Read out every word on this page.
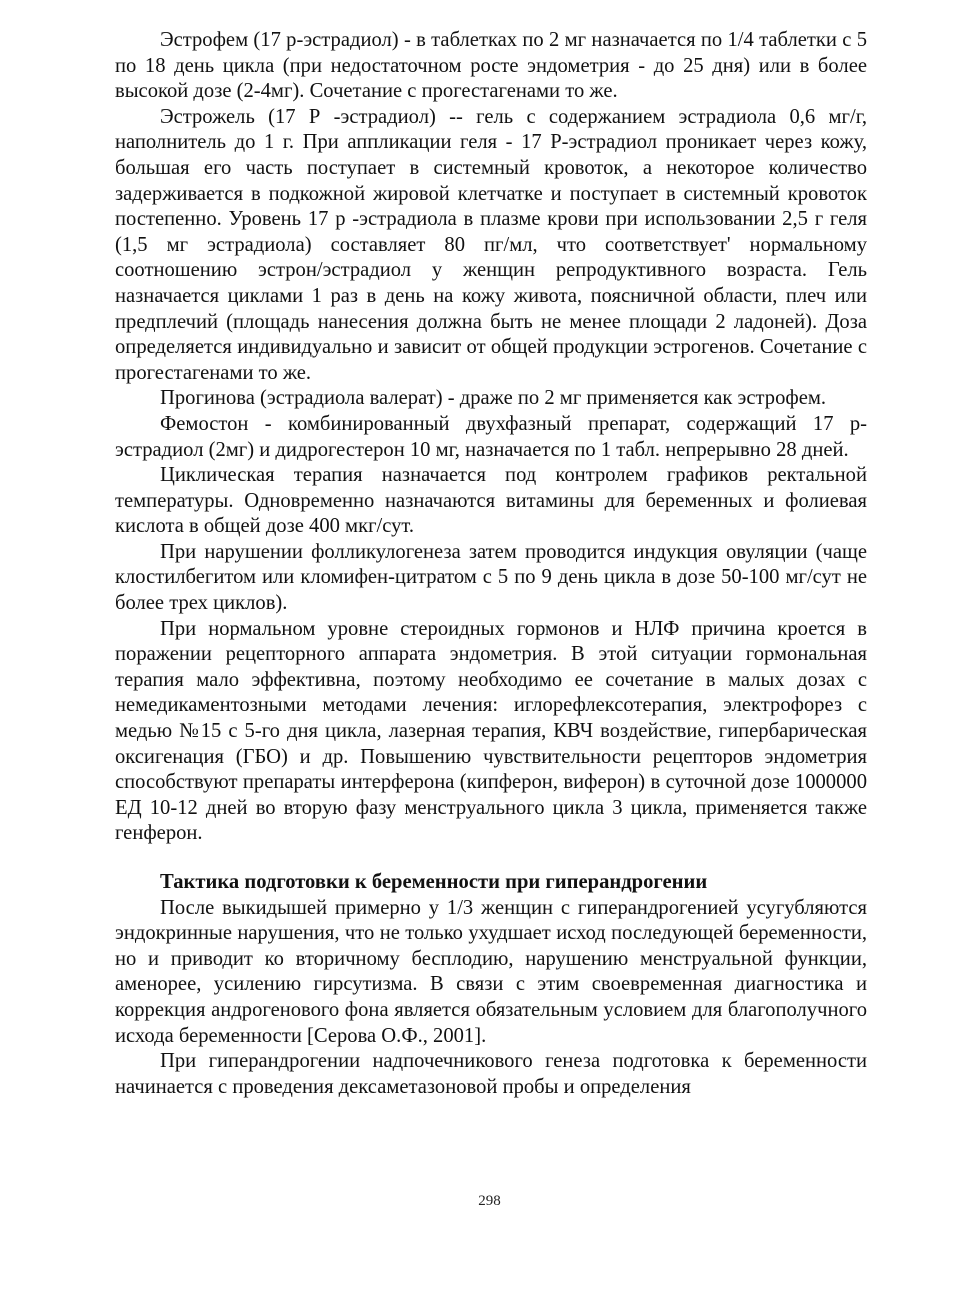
Эстрофем (17 р-эстрадиол) - в таблетках по 2 мг назначается по 1/4 таблетки с 5 по 18 день цикла (при недостаточном росте эндометрия - до 25 дня) или в более высокой дозе (2-4мг). Сочетание с прогестагенами то же.

Эстрожель (17 Р -эстрадиол) -- гель с содержанием эстрадиола 0,6 мг/г, наполнитель до 1 г. При аппликации геля - 17 Р-эстрадиол проникает через кожу, большая его часть поступает в системный кровоток, а некоторое количество задерживается в подкожной жировой клетчатке и поступает в системный кровоток постепенно. Уровень 17 р -эстрадиола в плазме крови при использовании 2,5 г геля (1,5 мг эстрадиола) составляет 80 пг/мл, что соответствует' нормальному соотношению эстрон/эстрадиол у женщин репродуктивного возраста. Гель назначается циклами 1 раз в день на кожу живота, поясничной области, плеч или предплечий (площадь нанесения должна быть не менее площади 2 ладоней). Доза определяется индивидуально и зависит от общей продукции эстрогенов. Сочетание с прогестагенами то же.

Прогинова (эстрадиола валерат) - драже по 2 мг применяется как эстрофем.

Фемостон - комбинированный двухфазный препарат, содержащий 17 р-эстрадиол (2мг) и дидрогестерон 10 мг, назначается по 1 табл. непрерывно 28 дней.

Циклическая терапия назначается под контролем графиков ректальной температуры. Одновременно назначаются витамины для беременных и фолиевая кислота в общей дозе 400 мкг/сут.

При нарушении фолликулогенеза затем проводится индукция овуляции (чаще клостилбегитом или кломифен-цитратом с 5 по 9 день цикла в дозе 50-100 мг/сут не более трех циклов).

При нормальном уровне стероидных гормонов и НЛФ причина кроется в поражении рецепторного аппарата эндометрия. В этой ситуации гормональная терапия мало эффективна, поэтому необходимо ее сочетание в малых дозах с немедикаментозными методами лечения: иглорефлексотерапия, электрофорез с медью №15 с 5-го дня цикла, лазерная терапия, КВЧ воздействие, гипербарическая оксигенация (ГБО) и др. Повышению чувствительности рецепторов эндометрия способствуют препараты интерферона (кипферон, виферон) в суточной дозе 1000000 ЕД 10-12 дней во вторую фазу менструального цикла 3 цикла, применяется также генферон.

Тактика подготовки к беременности при гиперандрогении

После выкидышей примерно у 1/3 женщин с гиперандрогенией усугубляются эндокринные нарушения, что не только ухудшает исход последующей беременности, но и приводит ко вторичному бесплодию, нарушению менструальной функции, аменорее, усилению гирсутизма. В связи с этим своевременная диагностика и коррекция андрогенового фона является обязательным условием для благополучного исхода беременности [Серова О.Ф., 2001].

При гиперандрогении надпочечникового генеза подготовка к беременности начинается с проведения дексаметазоновой пробы и определения

298
